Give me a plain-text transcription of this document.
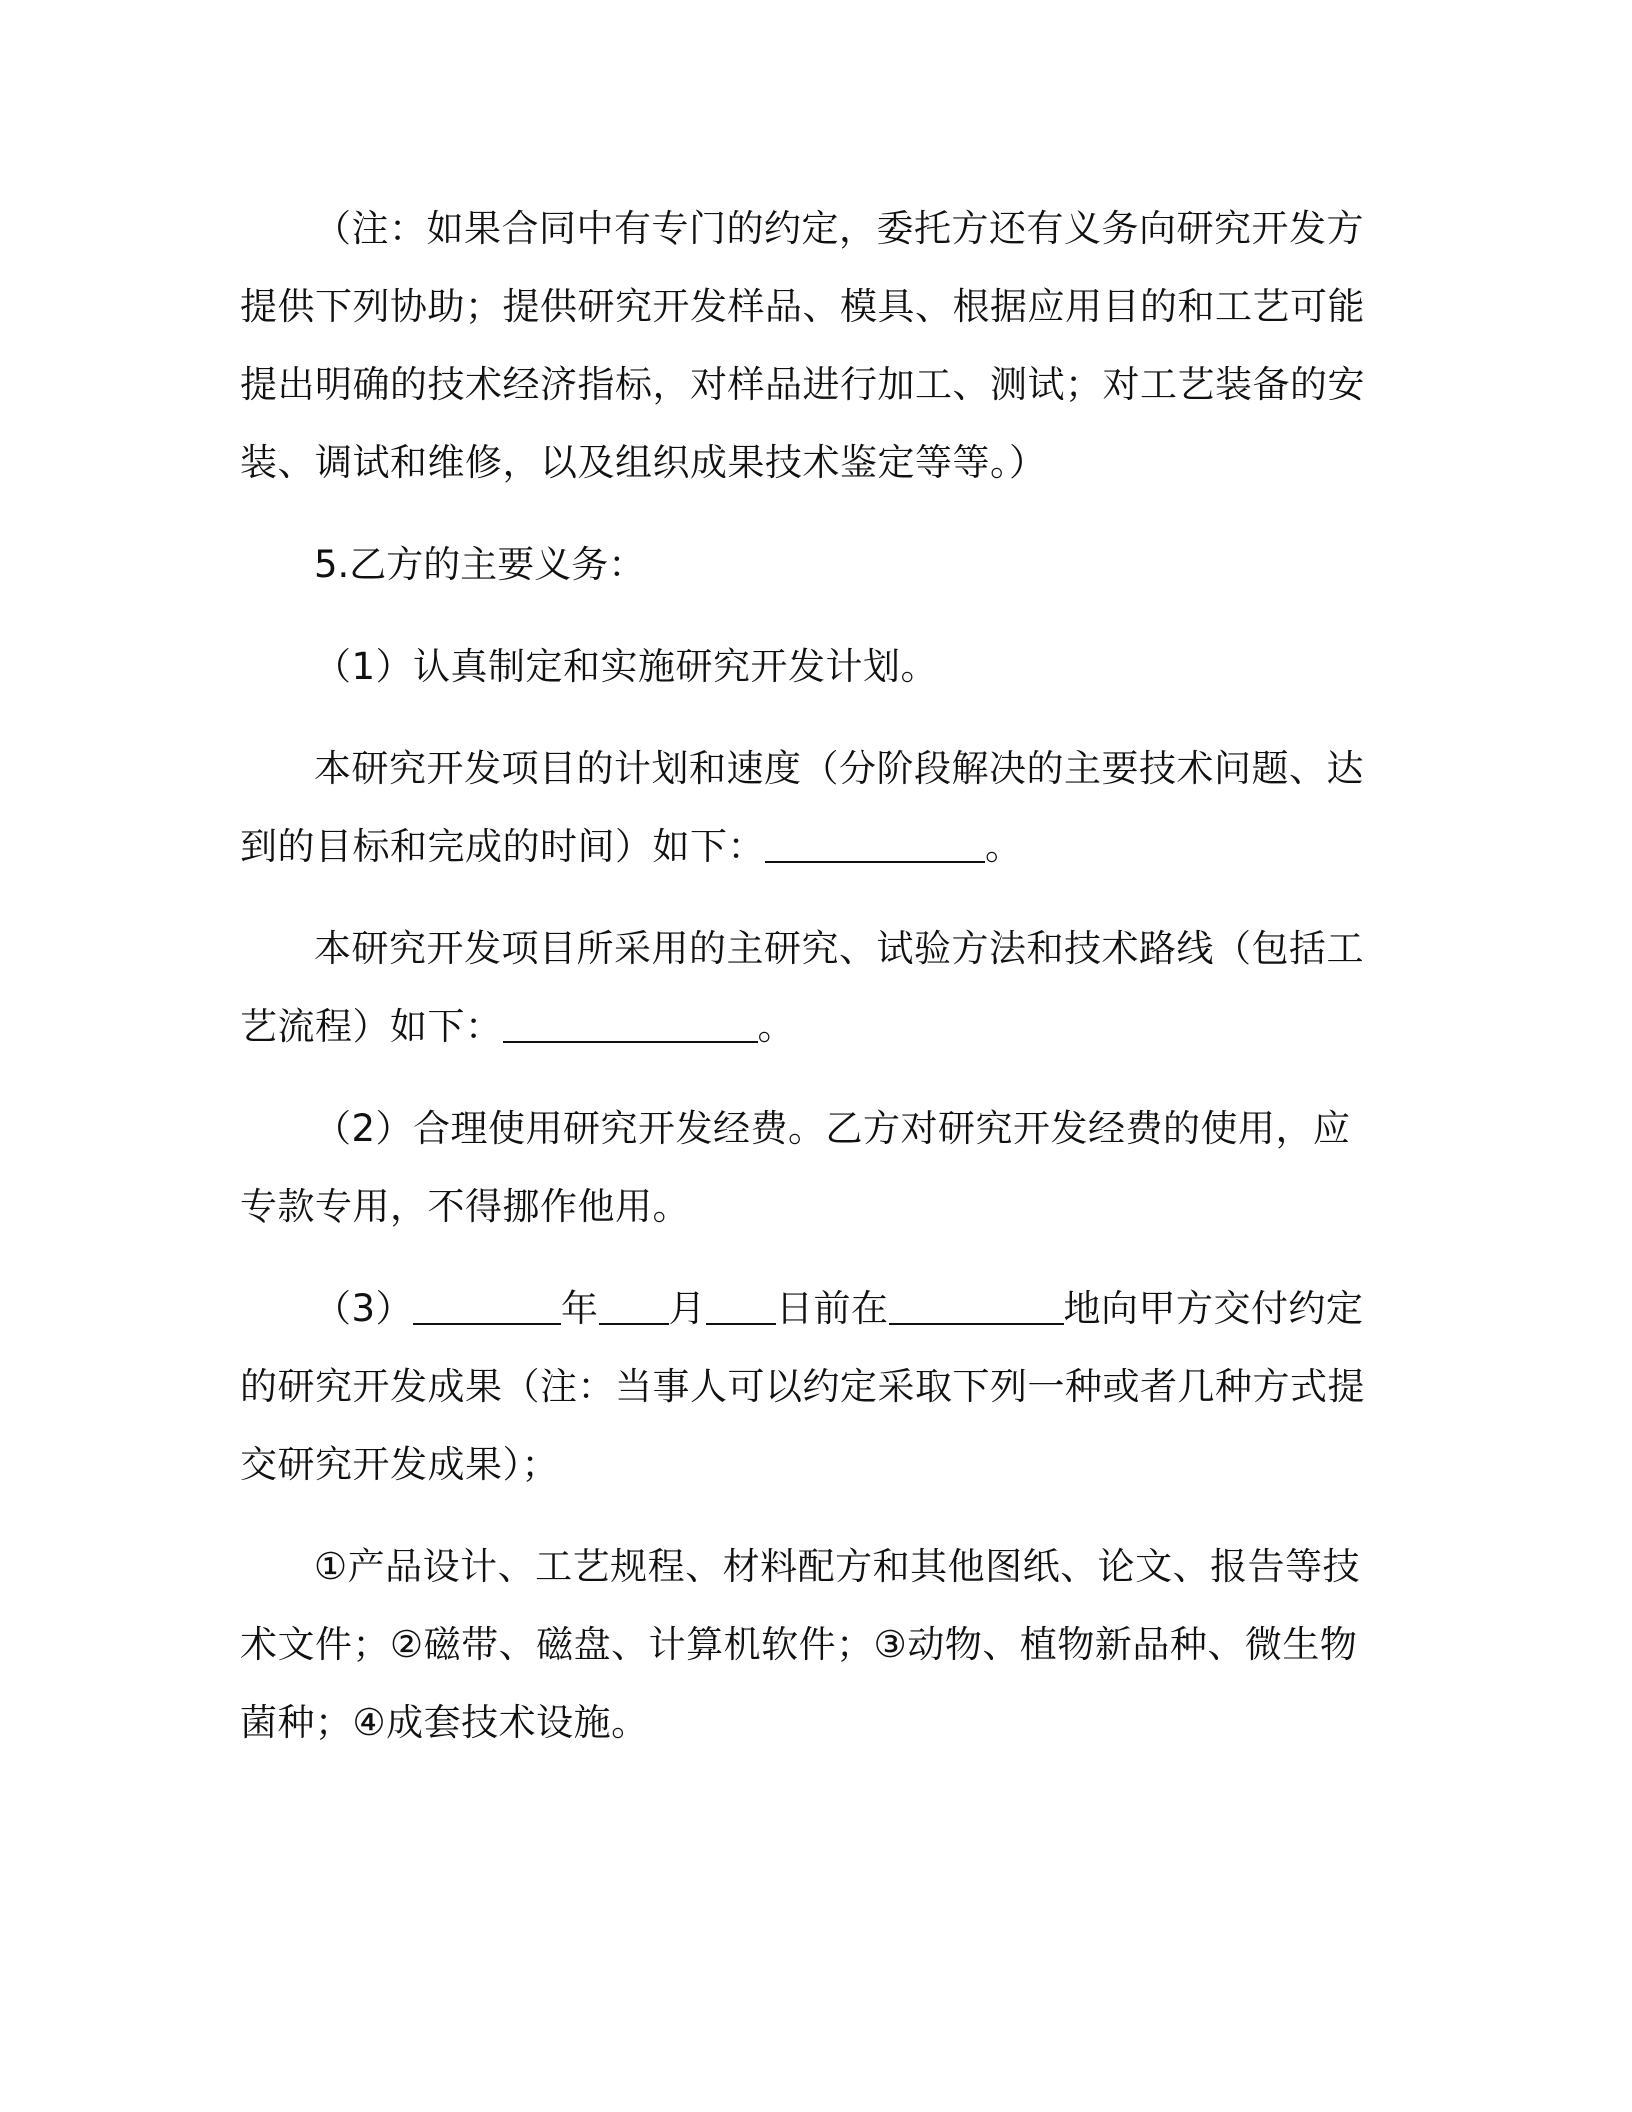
（注：如果合同中有专门的约定，委托方还有义务向研究开发方提供下列协助；提供研究开发样品、模具、根据应用目的和工艺可能提出明确的技术经济指标，对样品进行加工、测试；对工艺装备的安装、调试和维修，以及组织成果技术鉴定等等。）

5.乙方的主要义务：

（1）认真制定和实施研究开发计划。

本研究开发项目的计划和速度（分阶段解决的主要技术问题、达到的目标和完成的时间）如下：	。

本研究开发项目所采用的主研究、试验方法和技术路线（包括工艺流程）如下：	。

（2）合理使用研究开发经费。乙方对研究开发经费的使用，应专款专用，不得挪作他用。

（3）	年 月 日前在	地向甲方交付约定的研究开发成果（注：当事人可以约定采取下列一种或者几种方式提交研究开发成果）；

①产品设计、工艺规程、材料配方和其他图纸、论文、报告等技术文件；②磁带、磁盘、计算机软件；③动物、植物新品种、微生物菌种；④成套技术设施。
